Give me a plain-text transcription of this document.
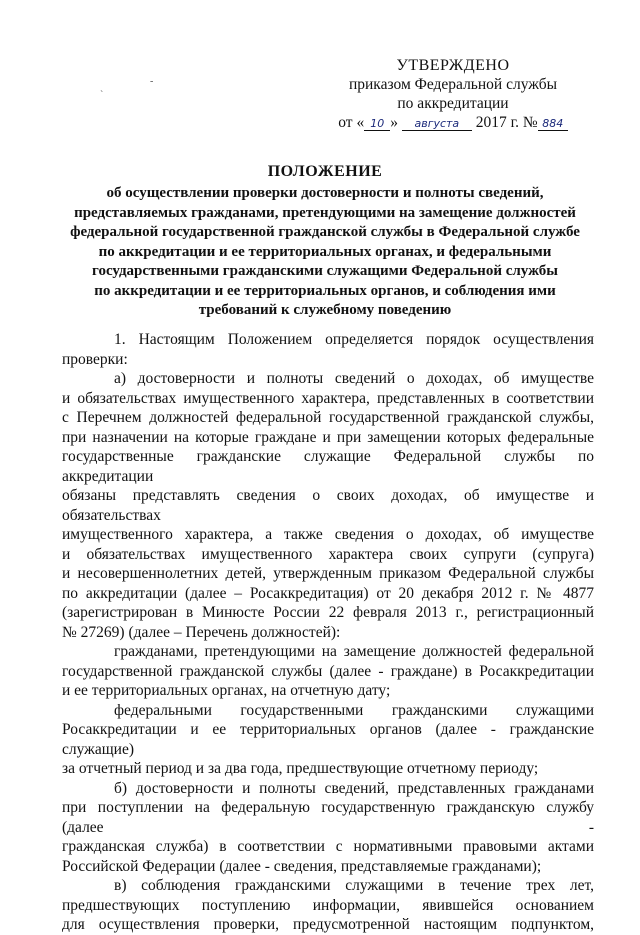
-
`
УТВЕРЖДЕНО
приказом Федеральной службы
по аккредитации
от « 10 »
	августа
	2017 г. № 884
ПОЛОЖЕНИЕ
об осуществлении проверки достоверности и полноты сведений,
представляемых гражданами, претендующими на замещение должностей
федеральной государственной гражданской службы в Федеральной службе
по аккредитации и ее территориальных органах, и федеральными
государственными гражданскими служащими Федеральной службы
по аккредитации и ее территориальных органов, и соблюдения ими
требований к служебному поведению

1. Настоящим Положением определяется порядок осуществления проверки:

а) достоверности и полноты сведений о доходах, об имуществе

и обязательствах имущественного характера, представленных в соответствии

с Перечнем должностей федеральной государственной гражданской службы,

при назначении на которые граждане и при замещении которых федеральные

государственные гражданские служащие Федеральной службы по аккредитации

обязаны представлять сведения о своих доходах, об имуществе и обязательствах

имущественного характера, а также сведения о доходах, об имуществе

и обязательствах имущественного характера своих супруги (супруга)

и несовершеннолетних детей, утвержденным приказом Федеральной службы

по аккредитации (далее – Росаккредитация) от 20 декабря 2012 г. № 4877

(зарегистрирован в Минюсте России 22 февраля 2013 г., регистрационный

№ 27269) (далее – Перечень должностей):

гражданами, претендующими на замещение должностей федеральной

государственной гражданской службы (далее - граждане) в Росаккредитации

и ее территориальных органах, на отчетную дату;

федеральными государственными гражданскими служащими

Росаккредитации и ее территориальных органов (далее - гражданские служащие)

за отчетный период и за два года, предшествующие отчетному периоду;

б) достоверности и полноты сведений, представленных гражданами

при поступлении на федеральную государственную гражданскую службу (далее -

гражданская служба) в соответствии с нормативными правовыми актами

Российской Федерации (далее - сведения, представляемые гражданами);

в) соблюдения гражданскими служащими в течение трех лет,

предшествующих поступлению информации, явившейся основанием

для осуществления проверки, предусмотренной настоящим подпунктом,
